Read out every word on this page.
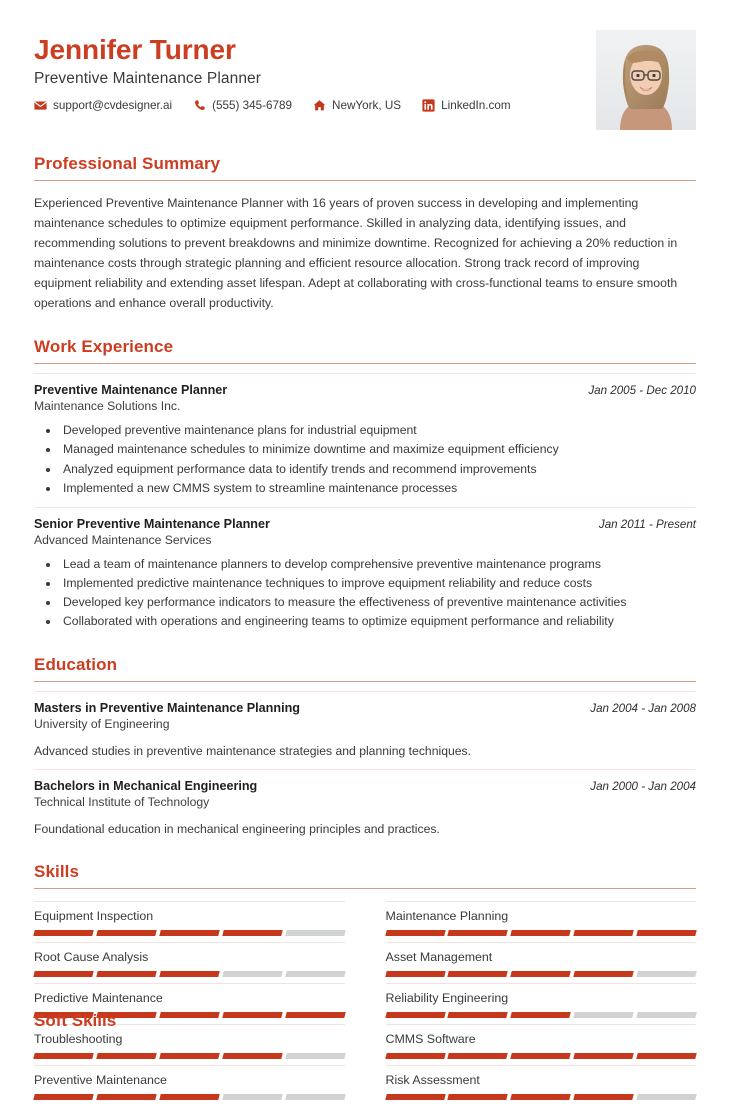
Jennifer Turner
Preventive Maintenance Planner
support@cvdesigner.ai	(555) 345-6789	NewYork, US	LinkedIn.com
Professional Summary

Experienced Preventive Maintenance Planner with 16 years of proven success in developing and implementing maintenance schedules to optimize equipment performance. Skilled in analyzing data, identifying issues, and recommending solutions to prevent breakdowns and minimize downtime. Recognized for achieving a 20% reduction in maintenance costs through strategic planning and efficient resource allocation. Strong track record of improving equipment reliability and extending asset lifespan. Adept at collaborating with cross-functional teams to ensure smooth operations and enhance overall productivity.

Work Experience
Preventive Maintenance Planner	Jan 2005 - Dec 2010
Maintenance Solutions Inc.
• Developed preventive maintenance plans for industrial equipment
• Managed maintenance schedules to minimize downtime and maximize equipment efficiency
• Analyzed equipment performance data to identify trends and recommend improvements
• Implemented a new CMMS system to streamline maintenance processes
Senior Preventive Maintenance Planner	Jan 2011 - Present
Advanced Maintenance Services
• Lead a team of maintenance planners to develop comprehensive preventive maintenance programs
• Implemented predictive maintenance techniques to improve equipment reliability and reduce costs
• Developed key performance indicators to measure the effectiveness of preventive maintenance activities
• Collaborated with operations and engineering teams to optimize equipment performance and reliability
Education
Masters in Preventive Maintenance Planning	Jan 2004 - Jan 2008
University of Engineering
Advanced studies in preventive maintenance strategies and planning techniques.
Bachelors in Mechanical Engineering	Jan 2000 - Jan 2004
Technical Institute of Technology
Foundational education in mechanical engineering principles and practices.
Skills
Equipment Inspection	Maintenance Planning
Root Cause Analysis	Asset Management
Predictive Maintenance	Reliability Engineering
Troubleshooting	CMMS Software
Preventive Maintenance	Risk Assessment
Soft Skills
